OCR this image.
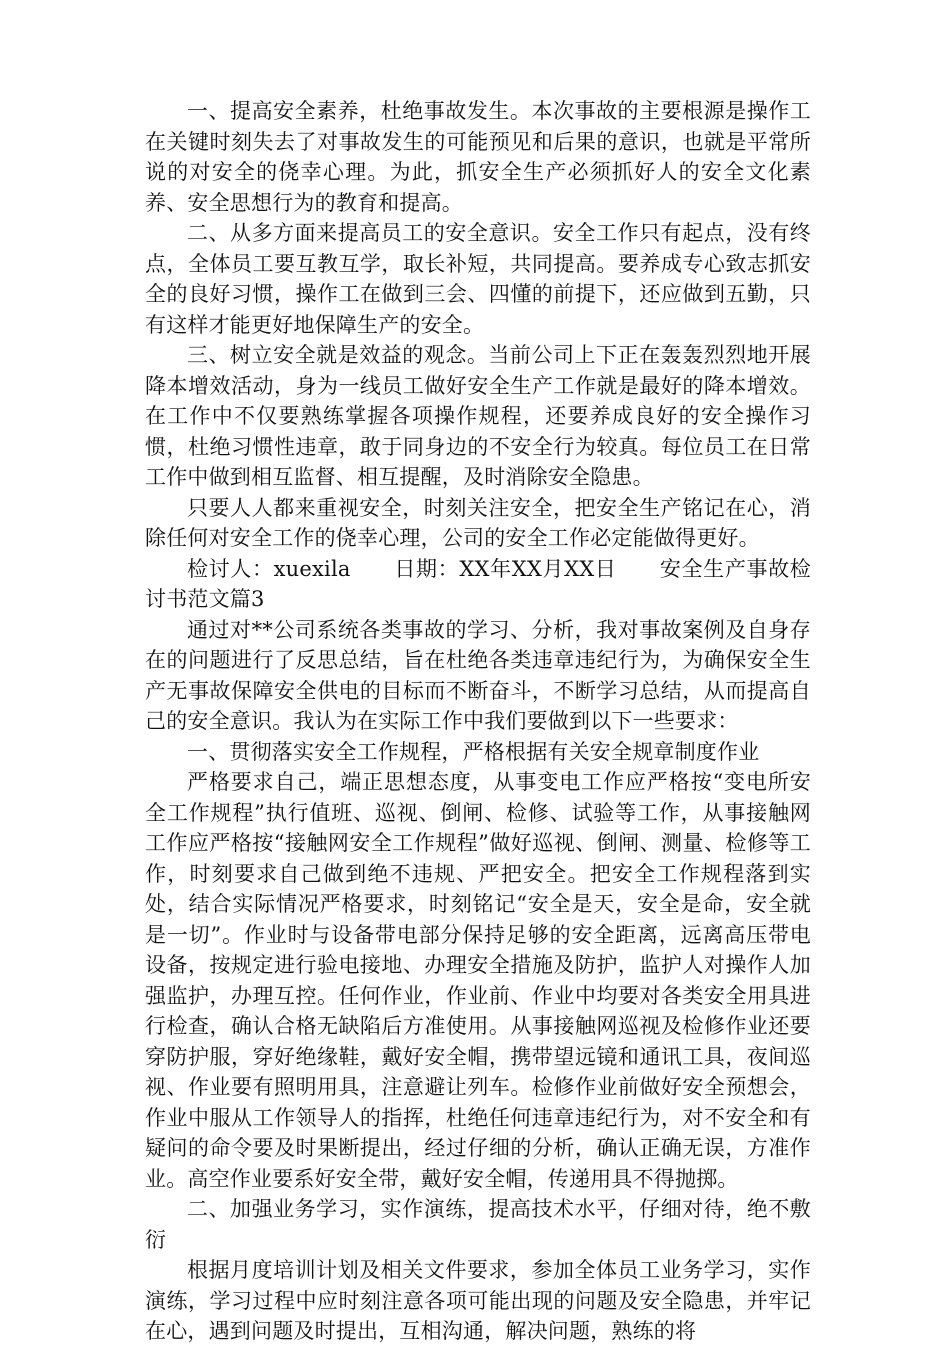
一、提高安全素养，杜绝事故发生。本次事故的主要根源是操作工在关键时刻失去了对事故发生的可能预见和后果的意识，也就是平常所说的对安全的侥幸心理。为此，抓安全生产必须抓好人的安全文化素养、安全思想行为的教育和提高。

二、从多方面来提高员工的安全意识。安全工作只有起点，没有终点，全体员工要互教互学，取长补短，共同提高。要养成专心致志抓安全的良好习惯，操作工在做到三会、四懂的前提下，还应做到五勤，只有这样才能更好地保障生产的安全。

三、树立安全就是效益的观念。当前公司上下正在轰轰烈烈地开展降本增效活动，身为一线员工做好安全生产工作就是最好的降本增效。在工作中不仅要熟练掌握各项操作规程，还要养成良好的安全操作习惯，杜绝习惯性违章，敢于同身边的不安全行为较真。每位员工在日常工作中做到相互监督、相互提醒，及时消除安全隐患。

只要人人都来重视安全，时刻关注安全，把安全生产铭记在心，消除任何对安全工作的侥幸心理，公司的安全工作必定能做得更好。

检讨人：xuexila　　日期：XX年XX月XX日　　安全生产事故检讨书范文篇3

通过对**公司系统各类事故的学习、分析，我对事故案例及自身存在的问题进行了反思总结，旨在杜绝各类违章违纪行为，为确保安全生产无事故保障安全供电的目标而不断奋斗，不断学习总结，从而提高自己的安全意识。我认为在实际工作中我们要做到以下一些要求：

一、贯彻落实安全工作规程，严格根据有关安全规章制度作业

严格要求自己，端正思想态度，从事变电工作应严格按“变电所安全工作规程”执行值班、巡视、倒闸、检修、试验等工作，从事接触网工作应严格按“接触网安全工作规程”做好巡视、倒闸、测量、检修等工作，时刻要求自己做到绝不违规、严把安全。把安全工作规程落到实处，结合实际情况严格要求，时刻铭记“安全是天，安全是命，安全就是一切”。作业时与设备带电部分保持足够的安全距离，远离高压带电设备，按规定进行验电接地、办理安全措施及防护，监护人对操作人加强监护，办理互控。任何作业，作业前、作业中均要对各类安全用具进行检查，确认合格无缺陷后方准使用。从事接触网巡视及检修作业还要穿防护服，穿好绝缘鞋，戴好安全帽，携带望远镜和通讯工具，夜间巡视、作业要有照明用具，注意避让列车。检修作业前做好安全预想会，作业中服从工作领导人的指挥，杜绝任何违章违纪行为，对不安全和有疑问的命令要及时果断提出，经过仔细的分析，确认正确无误，方准作业。高空作业要系好安全带，戴好安全帽，传递用具不得抛掷。

二、加强业务学习，实作演练，提高技术水平，仔细对待，绝不敷衍

根据月度培训计划及相关文件要求，参加全体员工业务学习，实作演练，学习过程中应时刻注意各项可能出现的问题及安全隐患，并牢记在心，遇到问题及时提出，互相沟通，解决问题，熟练的将
